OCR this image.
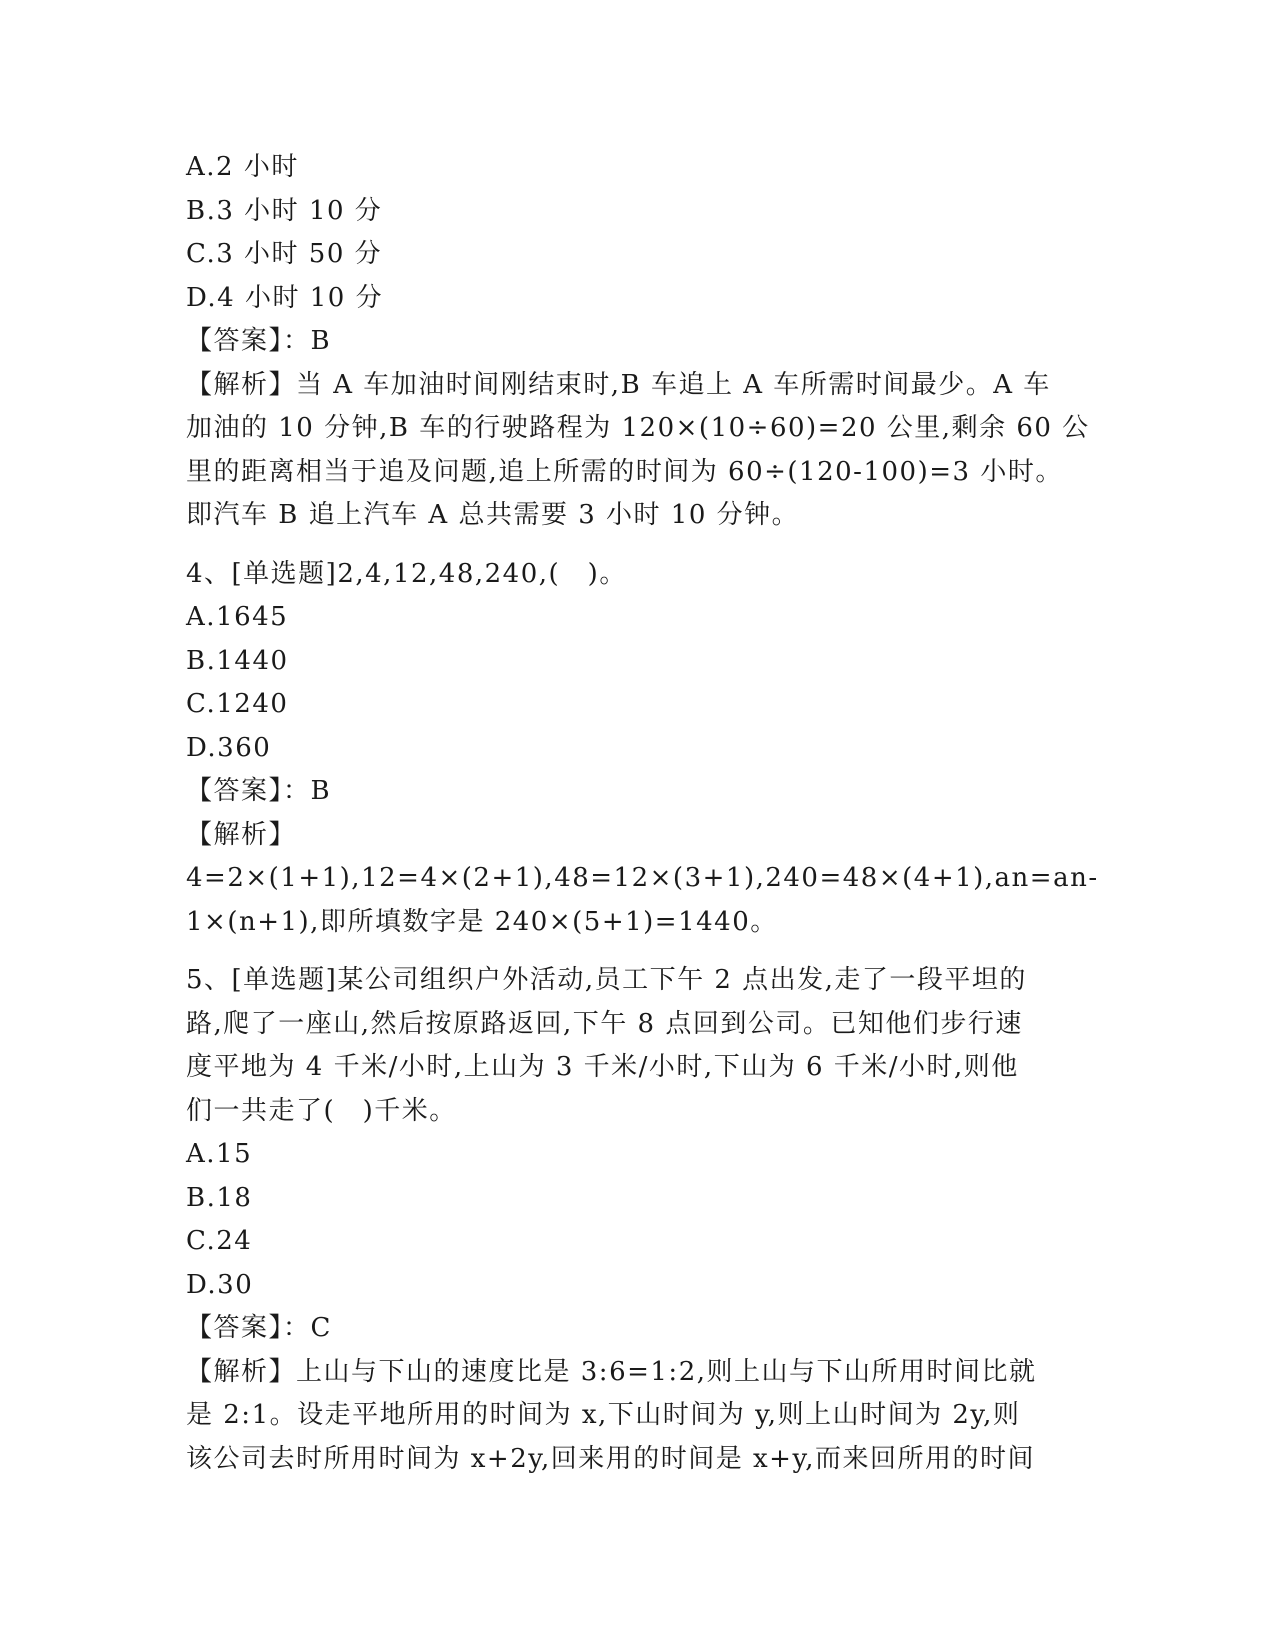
A.2 小时
B.3 小时 10 分
C.3 小时 50 分
D.4 小时 10 分
【答案】：B
【解析】当 A 车加油时间刚结束时,B 车追上 A 车所需时间最少。A 车
加油的 10 分钟,B 车的行驶路程为 120×(10÷60)=20 公里,剩余 60 公
里的距离相当于追及问题,追上所需的时间为 60÷(120-100)=3 小时。
即汽车 B 追上汽车 A 总共需要 3 小时 10 分钟。
4、[单选题]2,4,12,48,240,(　)。
A.1645
B.1440
C.1240
D.360
【答案】：B
【解析】
4=2×(1+1),12=4×(2+1),48=12×(3+1),240=48×(4+1),an=an-
1×(n+1),即所填数字是 240×(5+1)=1440。
5、[单选题]某公司组织户外活动,员工下午 2 点出发,走了一段平坦的
路,爬了一座山,然后按原路返回,下午 8 点回到公司。已知他们步行速
度平地为 4 千米/小时,上山为 3 千米/小时,下山为 6 千米/小时,则他
们一共走了(　)千米。
A.15
B.18
C.24
D.30
【答案】：C
【解析】上山与下山的速度比是 3:6=1:2,则上山与下山所用时间比就
是 2:1。设走平地所用的时间为 x,下山时间为 y,则上山时间为 2y,则
该公司去时所用时间为 x+2y,回来用的时间是 x+y,而来回所用的时间
